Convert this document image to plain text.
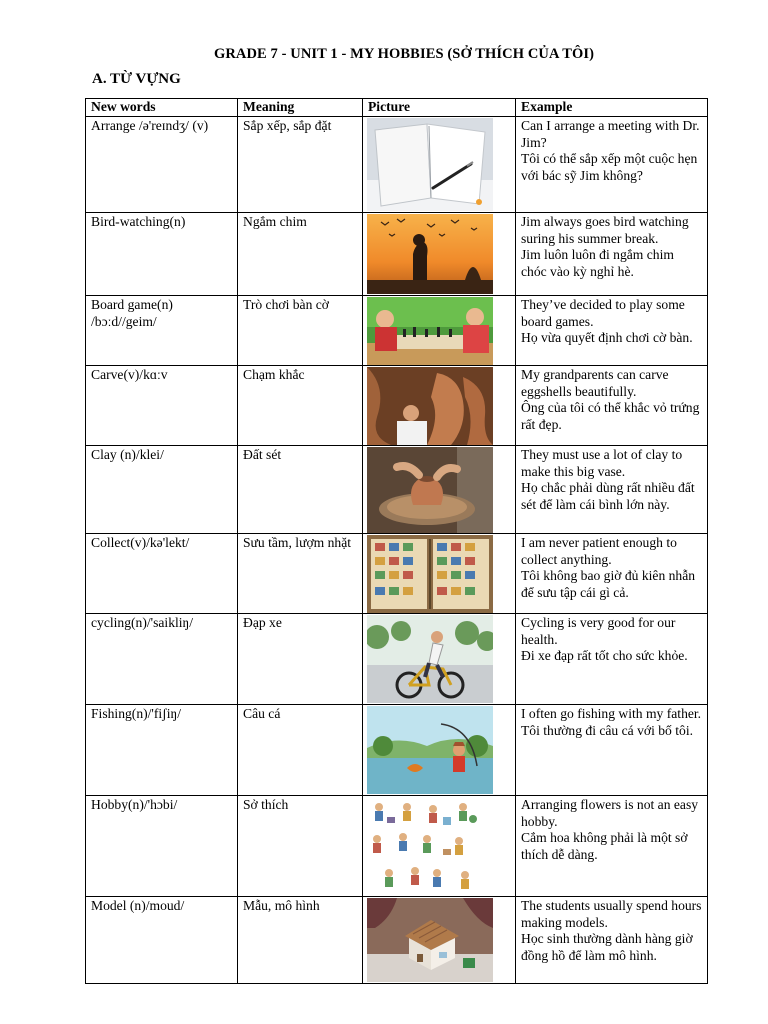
GRADE 7 - UNIT 1 - MY HOBBIES (SỞ THÍCH CỦA TÔI)
A. TỪ VỰNG
New words	Meaning	Picture	Example
Arrange /ə'reɪndʒ/ (v)	Sắp xếp, sắp đặt		Can I arrange a meeting with Dr. Jim?
Tôi có thể sắp xếp một cuộc hẹn với bác sỹ Jim không?

Bird-watching(n)	Ngắm chim		Jim always goes bird watching suring his summer break.
Jim luôn luôn đi ngắm chim chóc vào kỳ nghỉ hè.

Board game(n) /bɔːd//geim/	Trò chơi bàn cờ		They’ve decided to play some board games.
Họ vừa quyết định chơi cờ bàn.

Carve(v)/kɑːv	Chạm khắc		My grandparents can carve eggshells beautifully.
Ông của tôi có thể khắc vỏ trứng rất đẹp.

Clay (n)/klei/	Đất sét		They must use a lot of clay to make this big vase.
Họ chắc phải dùng rất nhiều đất sét để làm cái bình lớn này.

Collect(v)/kə'lekt/	Sưu tầm, lượm nhặt		I am never patient enough to collect anything.
Tôi không bao giờ đủ kiên nhẫn để sưu tập cái gì cả.

cycling(n)/'saikliŋ/	Đạp xe		Cycling is very good for our health.
Đi xe đạp rất tốt cho sức khỏe.

Fishing(n)/'fiʃiŋ/	Câu cá		I often go fishing with my father.
Tôi thường đi câu cá với bố tôi.

Hobby(n)/'hɔbi/	Sở thích		Arranging flowers is not an easy hobby.
Cắm hoa không phải là một sở thích dễ dàng.

Model (n)/moud/	Mẫu, mô hình		The students usually spend hours making models.
Học sinh thường dành hàng giờ đồng hồ để làm mô hình.
